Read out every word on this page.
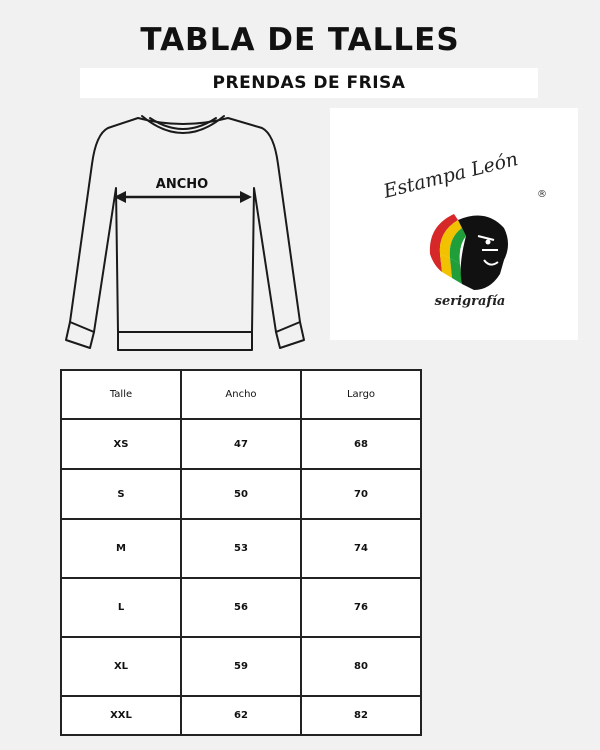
TABLA DE TALLES
PRENDAS DE FRISA
ANCHO	Estampa León	®
serigrafía
Talle	Ancho	Largo
XS	47	68
S	50	70
M	53	74
L	56	76
XL	59	80
XXL	62	82
